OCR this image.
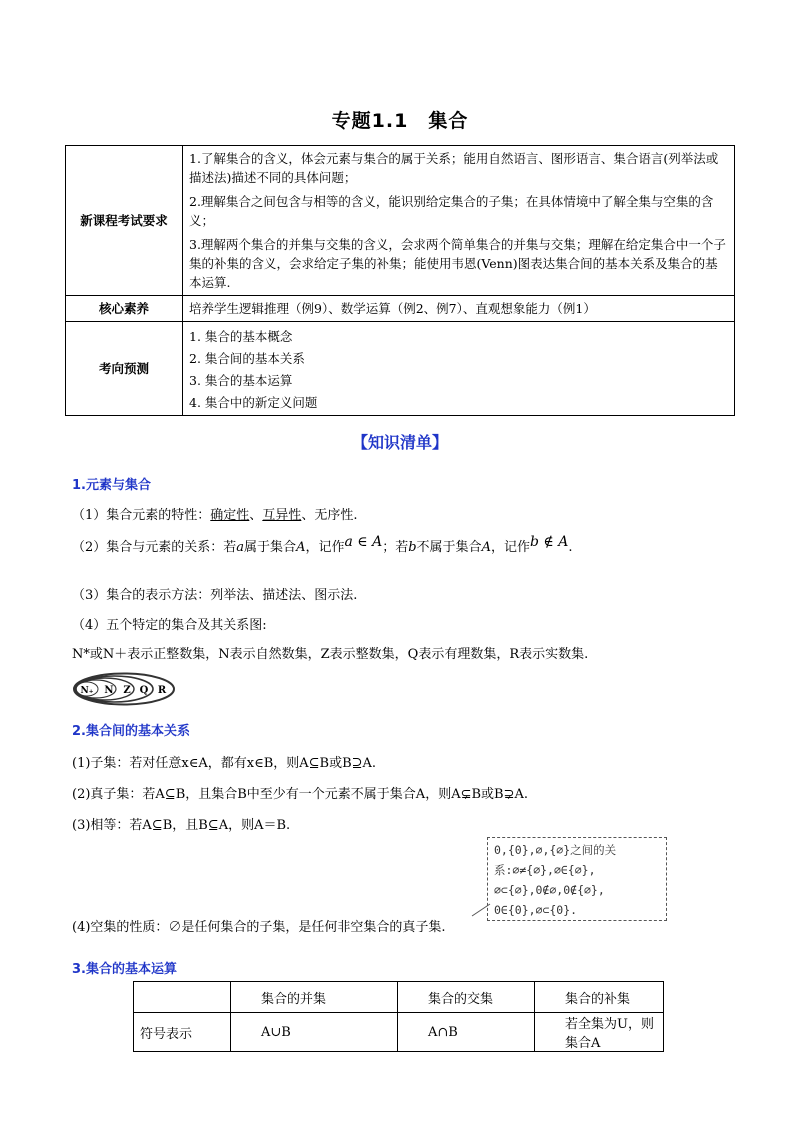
专题1.1　集合
新课程考试要求	1.了解集合的含义，体会元素与集合的属于关系；能用自然语言、图形语言、集合语言(列举法或描述法)描述不同的具体问题；
2.理解集合之间包含与相等的含义，能识别给定集合的子集；在具体情境中了解全集与空集的含义；
3.理解两个集合的并集与交集的含义，会求两个简单集合的并集与交集；理解在给定集合中一个子集的补集的含义，会求给定子集的补集；能使用韦恩(Venn)图表达集合间的基本关系及集合的基本运算.

核心素养	培养学生逻辑推理（例9）、数学运算（例2、例7）、直观想象能力（例1）
考向预测	1. 集合的基本概念
2. 集合间的基本关系
3. 集合的基本运算
4. 集合中的新定义问题
【知识清单】
1.元素与集合
（1）集合元素的特性：确定性、互异性、无序性.
（2）集合与元素的关系：若a属于集合A，记作a ∈ A；若b不属于集合A，记作b ∉ A.
（3）集合的表示方法：列举法、描述法、图示法.
（4）五个特定的集合及其关系图:
N*或N＋表示正整数集，N表示自然数集，Z表示整数集，Q表示有理数集，R表示实数集.
N₊ N Z Q R
2.集合间的基本关系
(1)子集：若对任意x∈A，都有x∈B，则A⊆B或B⊇A.
(2)真子集：若A⊆B，且集合B中至少有一个元素不属于集合A，则A⊊B或B⊋A.
(3)相等：若A⊆B，且B⊆A，则A＝B.
0,{0},∅,{∅}之间的关
系:∅≠{∅},∅∈{∅},
∅⊂{∅},0∉∅,0∉{∅},
0∈{0},∅⊂{0}.
(4)空集的性质：∅是任何集合的子集，是任何非空集合的真子集.
3.集合的基本运算
	集合的并集	集合的交集	集合的补集
符号表示	A∪B	A∩B	若全集为U，则集合A
